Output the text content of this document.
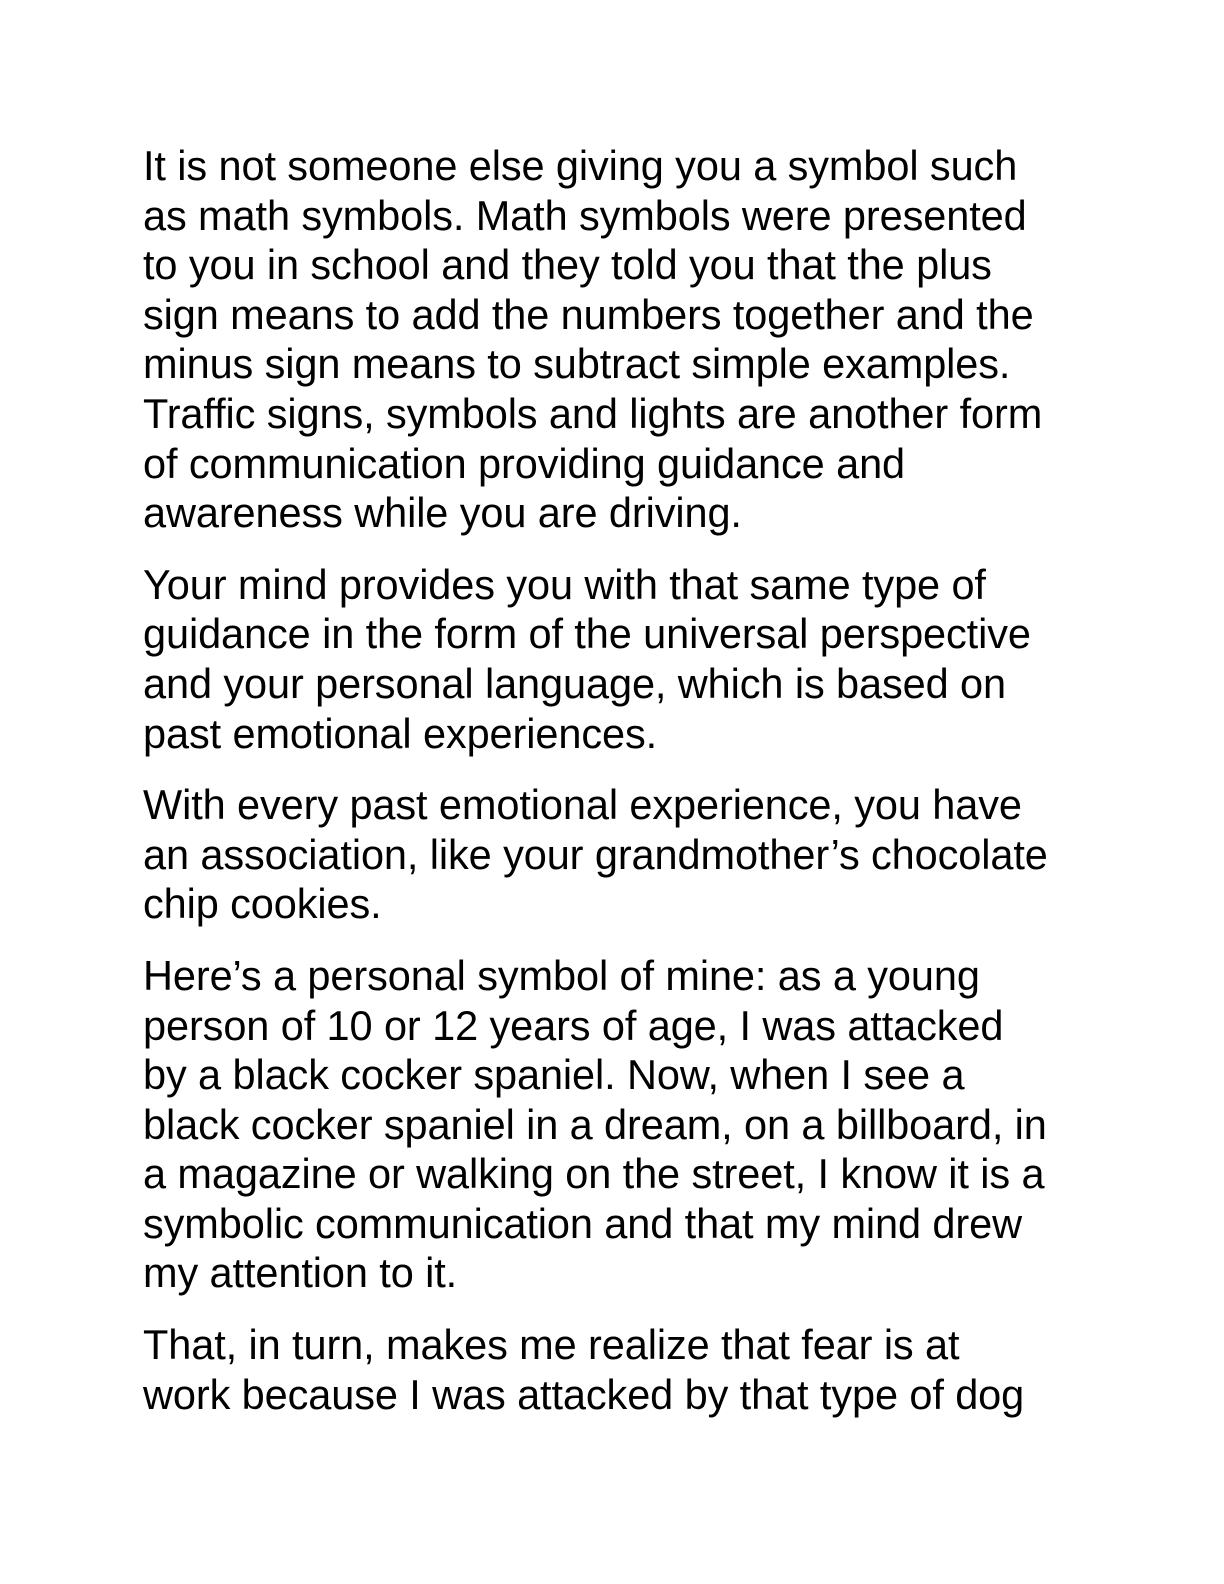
It is not someone else giving you a symbol such
as math symbols. Math symbols were presented
to you in school and they told you that the plus
sign means to add the numbers together and the
minus sign means to subtract simple examples.
Traffic signs, symbols and lights are another form
of communication providing guidance and
awareness while you are driving.

Your mind provides you with that same type of
guidance in the form of the universal perspective
and your personal language, which is based on
past emotional experiences.

With every past emotional experience, you have
an association, like your grandmother’s chocolate
chip cookies.

Here’s a personal symbol of mine: as a young
person of 10 or 12 years of age, I was attacked
by a black cocker spaniel. Now, when I see a
black cocker spaniel in a dream, on a billboard, in
a magazine or walking on the street, I know it is a
symbolic communication and that my mind drew
my attention to it.

That, in turn, makes me realize that fear is at
work because I was attacked by that type of dog
